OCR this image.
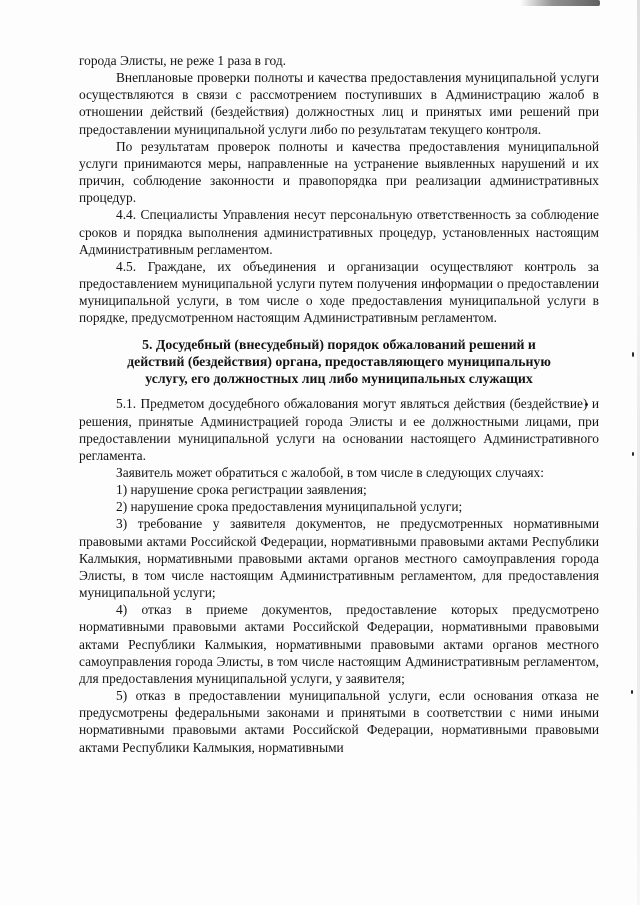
города Элисты, не реже 1 раза в год.

Внеплановые проверки полноты и качества предоставления муниципальной услуги осуществляются в связи с рассмотрением поступивших в Администрацию жалоб в отношении действий (бездействия) должностных лиц и принятых ими решений при предоставлении муниципальной услуги либо по результатам текущего контроля.

По результатам проверок полноты и качества предоставления муниципальной услуги принимаются меры, направленные на устранение выявленных нарушений и их причин, соблюдение законности и правопорядка при реализации административных процедур.

4.4. Специалисты Управления несут персональную ответственность за соблюдение сроков и порядка выполнения административных процедур, установленных настоящим Административным регламентом.

4.5. Граждане, их объединения и организации осуществляют контроль за предоставлением муниципальной услуги путем получения информации о предоставлении муниципальной услуги, в том числе о ходе предоставления муниципальной услуги в порядке, предусмотренном настоящим Административным регламентом.

5. Досудебный (внесудебный) порядок обжалований решений и
действий (бездействия) органа, предоставляющего муниципальную
услугу, его должностных лиц либо муниципальных служащих

5.1. Предметом досудебного обжалования могут являться действия (бездействие) и решения, принятые Администрацией города Элисты и ее должностными лицами, при предоставлении муниципальной услуги на основании настоящего Административного регламента.

Заявитель может обратиться с жалобой, в том числе в следующих случаях:

1) нарушение срока регистрации заявления;

2) нарушение срока предоставления муниципальной услуги;

3) требование у заявителя документов, не предусмотренных нормативными правовыми актами Российской Федерации, нормативными правовыми актами Республики Калмыкия, нормативными правовыми актами органов местного самоуправления города Элисты, в том числе настоящим Административным регламентом, для предоставления муниципальной услуги;

4) отказ в приеме документов, предоставление которых предусмотрено нормативными правовыми актами Российской Федерации, нормативными правовыми актами Республики Калмыкия, нормативными правовыми актами органов местного самоуправления города Элисты, в том числе настоящим Административным регламентом, для предоставления муниципальной услуги, у заявителя;

5) отказ в предоставлении муниципальной услуги, если основания отказа не предусмотрены федеральными законами и принятыми в соответствии с ними иными нормативными правовыми актами Российской Федерации, нормативными правовыми актами Республики Калмыкия, нормативными
